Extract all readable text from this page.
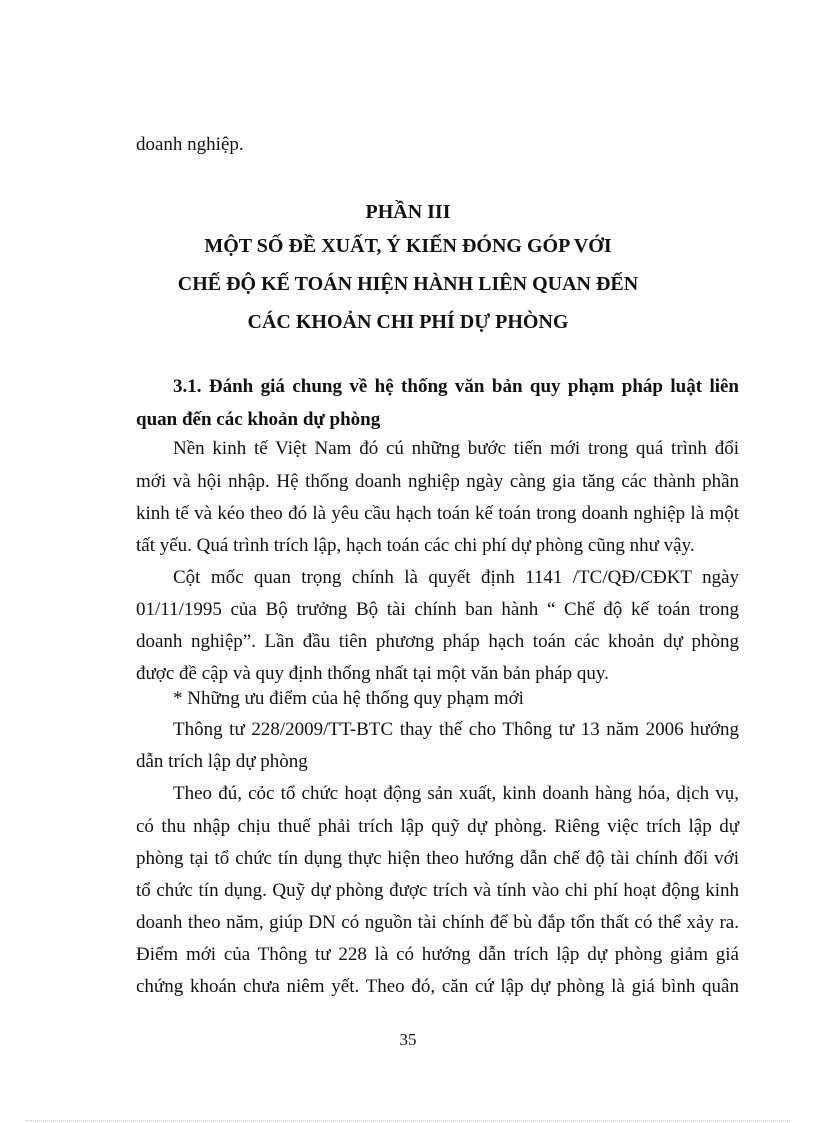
doanh nghiệp.
PHẦN III
MỘT SỐ ĐỀ XUẤT, Ý KIẾN ĐÓNG GÓP VỚI
CHẾ ĐỘ KẾ TOÁN HIỆN HÀNH LIÊN QUAN ĐẾN
CÁC KHOẢN CHI PHÍ DỰ PHÒNG
3.1. Đánh giá chung về hệ thống văn bản quy phạm pháp luật liên
quan đến các khoản dự phòng
Nền kinh tế Việt Nam đó cú những bước tiến mới trong quá trình đổi
mới và hội nhập. Hệ thống doanh nghiệp ngày càng gia tăng các thành phần
kinh tế và kéo theo đó là yêu cầu hạch toán kế toán trong doanh nghiệp là một
tất yếu. Quá trình trích lập, hạch toán các chi phí dự phòng cũng như vậy.
Cột mốc quan trọng chính là quyết định 1141 /TC/QĐ/CĐKT ngày
01/11/1995 của Bộ trưởng Bộ tài chính ban hành “ Chế độ kế toán trong
doanh nghiệp”. Lần đầu tiên phương pháp hạch toán các khoản dự phòng
được đề cập và quy định thống nhất tại một văn bản pháp quy.
* Những ưu điểm của hệ thống quy phạm mới
Thông tư 228/2009/TT-BTC thay thế cho Thông tư 13 năm 2006 hướng
dẫn trích lập dự phòng
Theo đú, cỏc tổ chức hoạt động sản xuất, kinh doanh hàng hóa, dịch vụ,
có thu nhập chịu thuế phải trích lập quỹ dự phòng. Riêng việc trích lập dự
phòng tại tổ chức tín dụng thực hiện theo hướng dẫn chế độ tài chính đối với
tổ chức tín dụng. Quỹ dự phòng được trích và tính vào chi phí hoạt động kinh
doanh theo năm, giúp DN có nguồn tài chính để bù đắp tổn thất có thể xảy ra.
Điểm mới của Thông tư 228 là có hướng dẫn trích lập dự phòng giảm giá
chứng khoán chưa niêm yết. Theo đó, căn cứ lập dự phòng là giá bình quân
35
